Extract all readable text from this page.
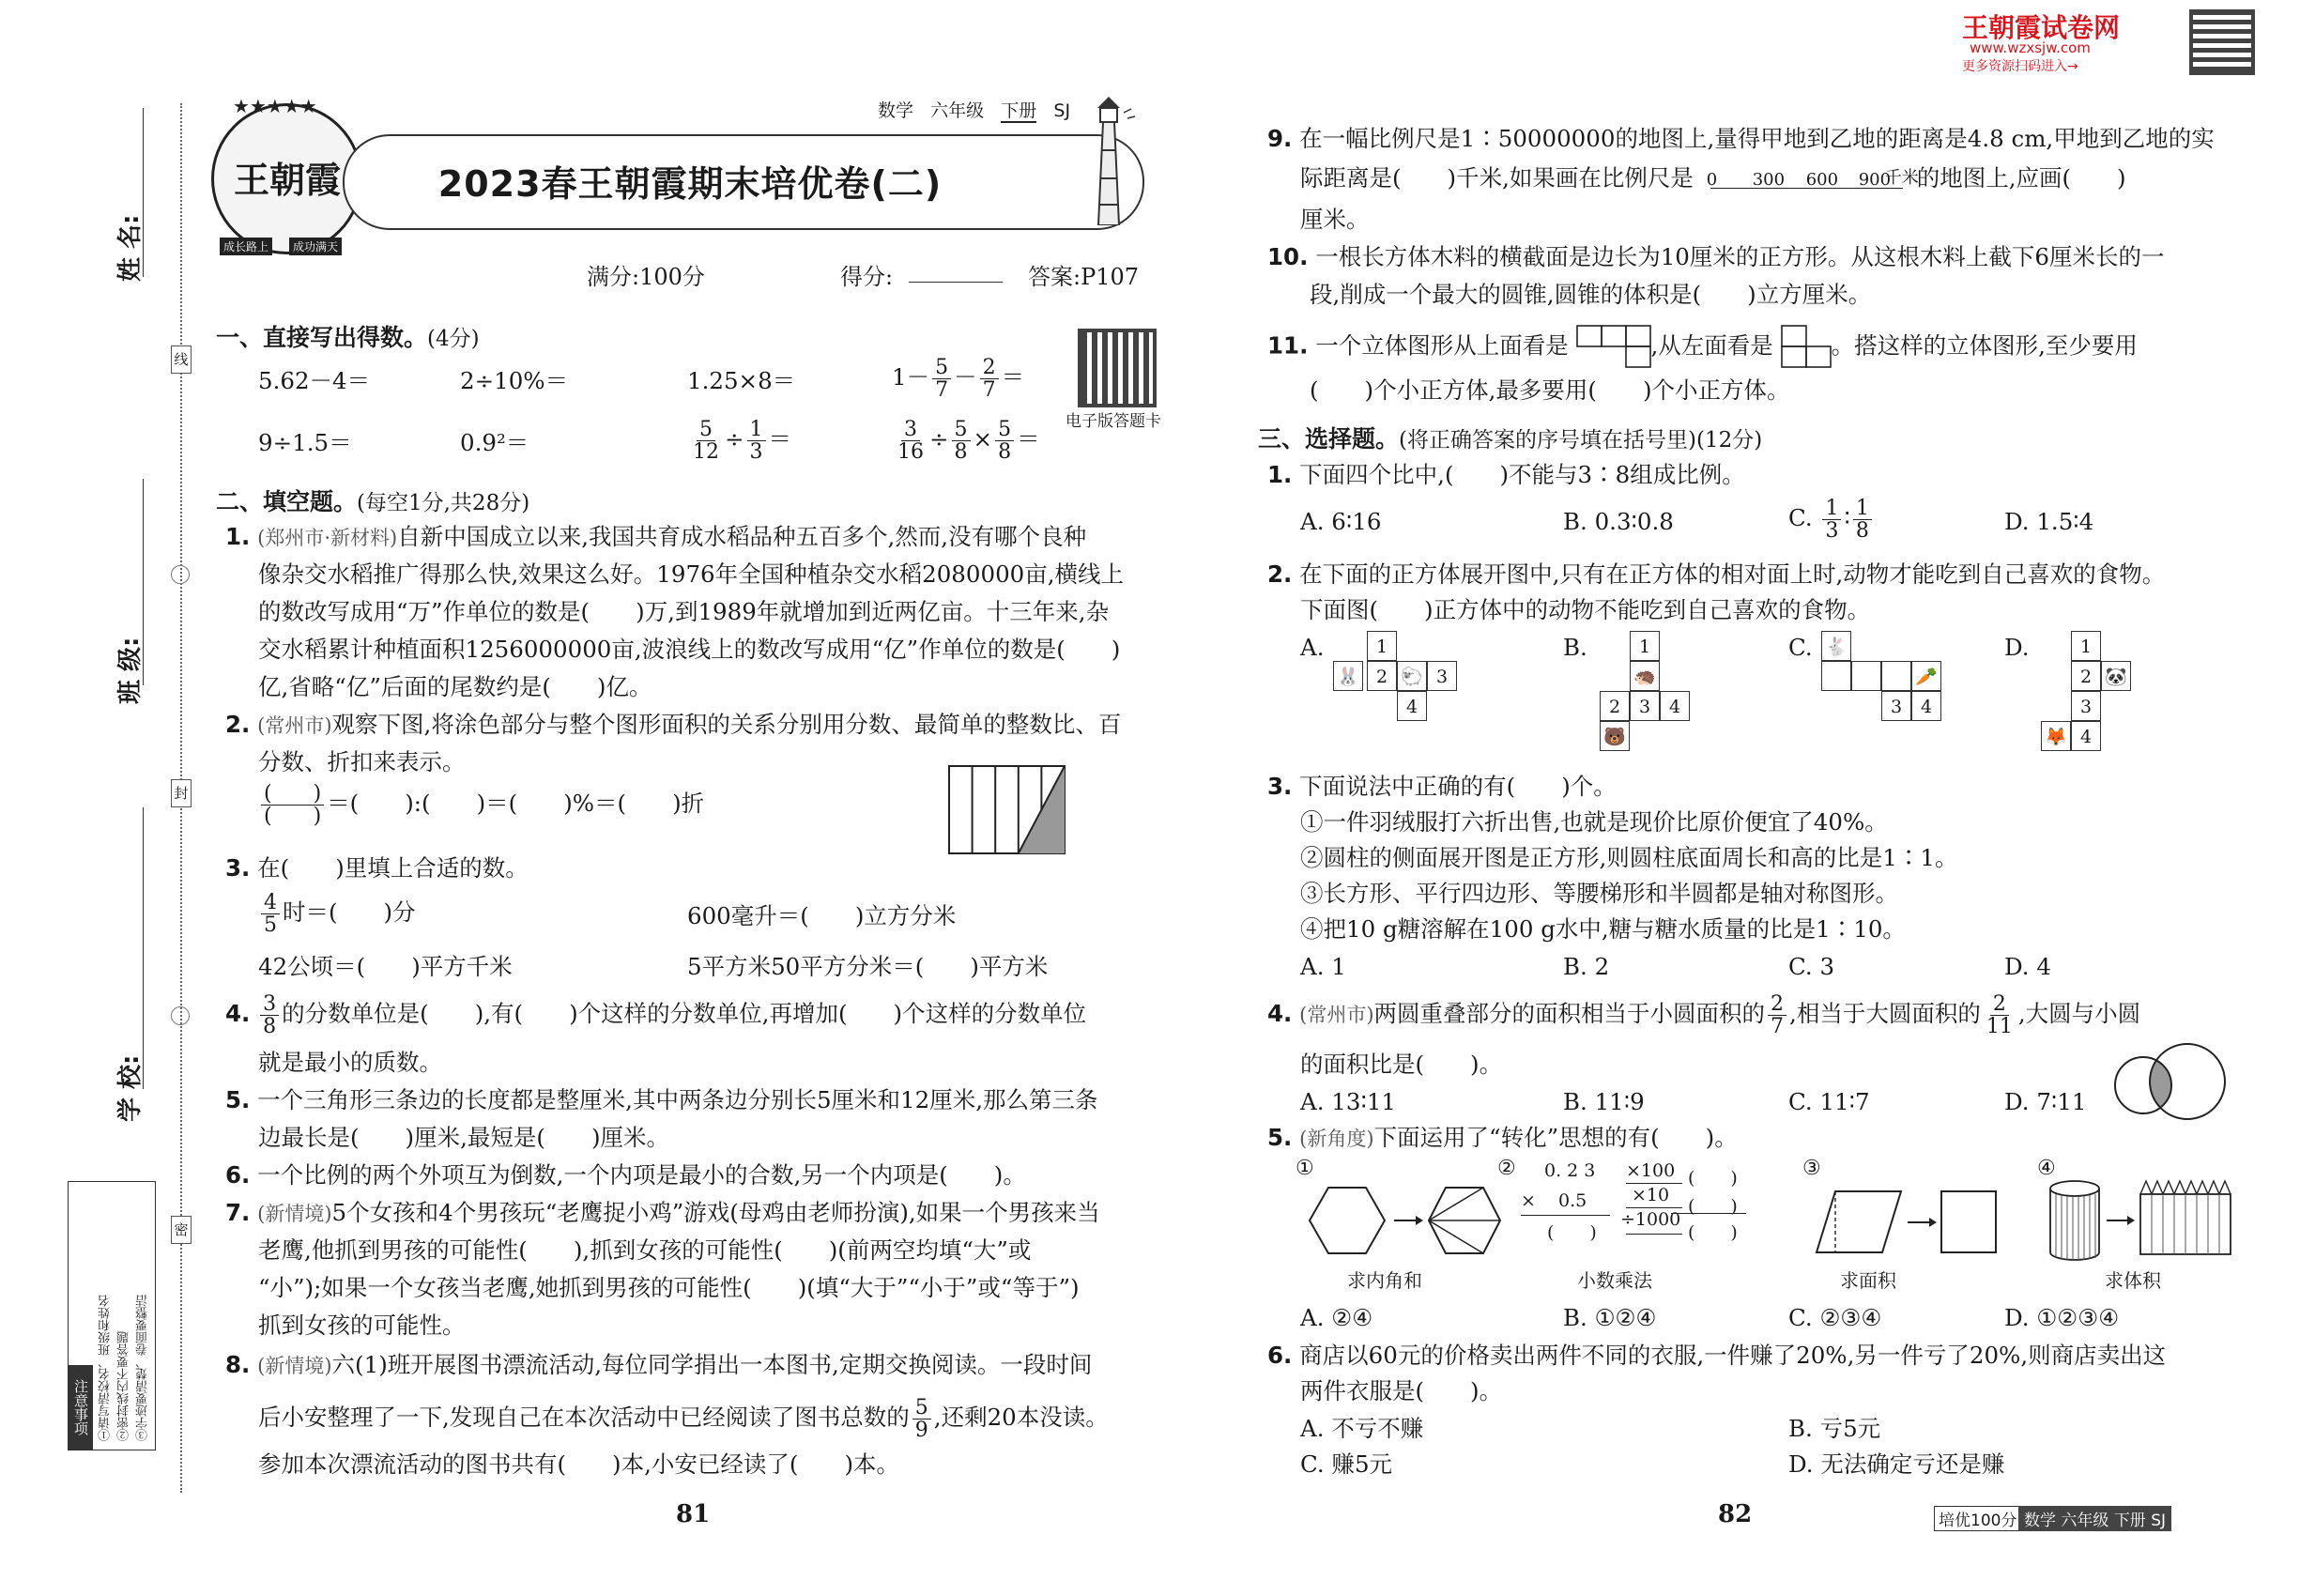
姓 名:
班 级:
学 校:
线
封
密
注意事项 ①请写清校名、班级和姓名 ②密封线内不要答题 ③字迹要清楚、卷面要整洁
★★★★★
王朝霞
成长路上	成功满天
数学 六年级 下册 SJ
2023春王朝霞期末培优卷(二)
满分:100分	得分:	答案:P107
电子版答题卡
一、直接写出得数。(4分)
5.62－4＝	2÷10%＝	1.25×8＝	$1- \frac{5}{7} - \frac{2}{7}$ ＝
9÷1.5＝	0.9²＝	$\frac{5}{12} \div \frac{1}{3}$ ＝	$\frac{3}{16} \div \frac{5}{8} \times \frac{5}{8}$ ＝
二、填空题。(每空1分,共28分)
1. (郑州市·新材料)自新中国成立以来,我国共育成水稻品种五百多个,然而,没有哪个良种
像杂交水稻推广得那么快,效果这么好。1976年全国种植杂交水稻2080000亩,横线上
的数改写成用“万”作单位的数是(　　)万,到1989年就增加到近两亿亩。十三年来,杂
交水稻累计种植面积1256000000亩,波浪线上的数改写成用“亿”作单位的数是(　　)
亿,省略“亿”后面的尾数约是(　　)亿。
2. (常州市)观察下图,将涂色部分与整个图形面积的关系分别用分数、最简单的整数比、百
分数、折扣来表示。
$\frac{( )}{( )}$ ＝(　　):(　　)＝(　　)%＝(　　)折
3. 在(　　)里填上合适的数。
$\frac{4}{5}$ 时＝(　　)分	600毫升＝(　　)立方分米
42公顷＝(　　)平方千米	5平方米50平方分米＝(　　)平方米
4. $\frac{3}{8}$ 的分数单位是(　　),有(　　)个这样的分数单位,再增加(　　)个这样的分数单位
就是最小的质数。
5. 一个三角形三条边的长度都是整厘米,其中两条边分别长5厘米和12厘米,那么第三条
边最长是(　　)厘米,最短是(　　)厘米。
6. 一个比例的两个外项互为倒数,一个内项是最小的合数,另一个内项是(　　)。
7. (新情境)5个女孩和4个男孩玩“老鹰捉小鸡”游戏(母鸡由老师扮演),如果一个男孩来当
老鹰,他抓到男孩的可能性(　　),抓到女孩的可能性(　　)(前两空均填“大”或
“小”);如果一个女孩当老鹰,她抓到男孩的可能性(　　)(填“大于”“小于”或“等于”)
抓到女孩的可能性。
8. (新情境)六(1)班开展图书漂流活动,每位同学捐出一本图书,定期交换阅读。一段时间
后小安整理了一下,发现自己在本次活动中已经阅读了图书总数的 $\frac{5}{9}$ ,还剩20本没读。
参加本次漂流活动的图书共有(　　)本,小安已经读了(　　)本。
81
王朝霞试卷网
www.wzxsjw.com
更多资源扫码进入→
9. 在一幅比例尺是1∶50000000的地图上,量得甲地到乙地的距离是4.8 cm,甲地到乙地的实
际距离是(　　)千米,如果画在比例尺是 0 300 600 900
千米
的地图上,应画(　　)
厘米。
10. 一根长方体木料的横截面是边长为10厘米的正方形。从这根木料上截下6厘米长的一
段,削成一个最大的圆锥,圆锥的体积是(　　)立方厘米。
11. 一个立体图形从上面看是	,从左面看是	。搭这样的立体图形,至少要用
(　　)个小正方体,最多要用(　　)个小正方体。
三、选择题。(将正确答案的序号填在括号里)(12分)
1. 下面四个比中,(　　)不能与3∶8组成比例。
A. 6∶16	B. 0.3∶0.8	C. $\frac{1}{3}$ ∶ $\frac{1}{8}$	D. 1.5∶4
2. 在下面的正方体展开图中,只有在正方体的相对面上时,动物才能吃到自己喜欢的食物。
下面图(　　)正方体中的动物不能吃到自己喜欢的食物。
A.	1
🐰 2 🐑 3
4
B.	1
🦔
3
2	4
🐻
C. 🐇
🥕
3	4
D.	1
2 🐼
3
🦊 4
3. 下面说法中正确的有(　　)个。
①一件羽绒服打六折出售,也就是现价比原价便宜了40%。
②圆柱的侧面展开图是正方形,则圆柱底面周长和高的比是1∶1。
③长方形、平行四边形、等腰梯形和半圆都是轴对称图形。
④把10 g糖溶解在100 g水中,糖与糖水质量的比是1∶10。
A. 1	B. 2	C. 3	D. 4
4. (常州市)两圆重叠部分的面积相当于小圆面积的 $\frac{2}{7}$ ,相当于大圆面积的 $\frac{2}{11}$ ,大圆与小圆
的面积比是(　　)。
A. 13∶11	B. 11∶9	C. 11∶7	D. 7∶11
5. (新角度)下面运用了“转化”思想的有(　　)。
①
求内角和
② 0. 2 3
× 0.5
(　　)
×100
×10
÷1000
(　　)
(　　)
(　　)
小数乘法
③
求面积
④
求体积
A. ②④	B. ①②④	C. ②③④	D. ①②③④
6. 商店以60元的价格卖出两件不同的衣服,一件赚了20%,另一件亏了20%,则商店卖出这
两件衣服是(　　)。
A. 不亏不赚	B. 亏5元
C. 赚5元	D. 无法确定亏还是赚
82	培优100分 数学 六年级 下册 SJ
